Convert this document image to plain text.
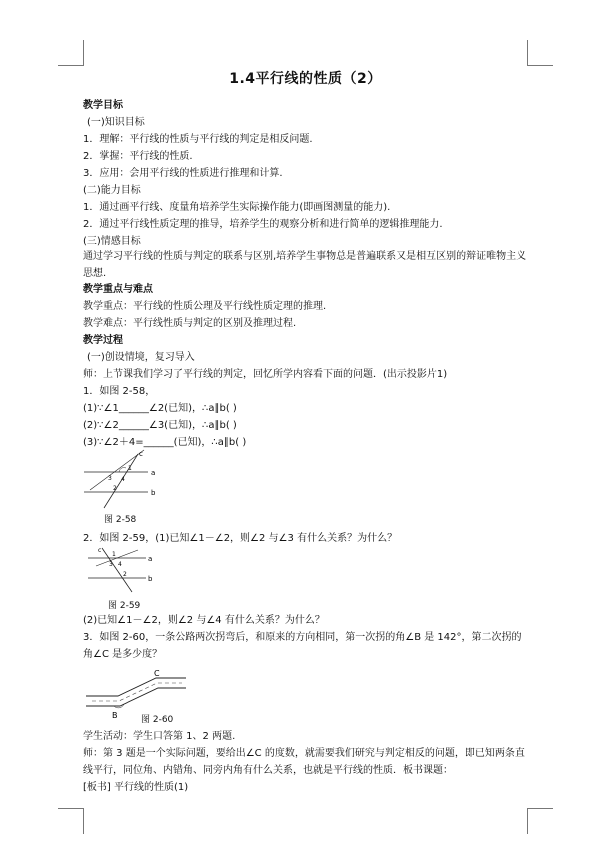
1.4平行线的性质（2）
教学目标
(一)知识目标
1．理解：平行线的性质与平行线的判定是相反问题.
2．掌握：平行线的性质.
3．应用：会用平行线的性质进行推理和计算.
(二)能力目标
1．通过画平行线、度量角培养学生实际操作能力(即画图测量的能力).
2．通过平行线性质定理的推导，培养学生的观察分析和进行简单的逻辑推理能力.
(三)情感目标
通过学习平行线的性质与判定的联系与区别,培养学生事物总是普遍联系又是相互区别的辩证唯物主义思想.
教学重点与难点
教学重点：平行线的性质公理及平行线性质定理的推理.
教学难点：平行线性质与判定的区别及推理过程.
教学过程
(一)创设情境，复习导入
师：上节课我们学习了平行线的判定，回忆所学内容看下面的问题．(出示投影片1)
1．如图 2-58，
(1)∵∠1______∠2(已知)，∴a∥b( )
(2)∵∠2______∠3(已知)，∴a∥b( )
(3)∵∠2＋4=______(已知)，∴a∥b( )
c
a
b
1
3 4
2
图 2-58
2．如图 2-59，(1)已知∠1－∠2，则∠2 与∠3 有什么关系？为什么？
c
a
b
1
3 4
2
图 2-59
(2)已知∠1－∠2，则∠2 与∠4 有什么关系？为什么？
3．如图 2-60，一条公路两次拐弯后，和原来的方向相同，第一次拐的角∠B 是 142°，第二次拐的角∠C 是多少度？
B
C
图 2-60
学生活动：学生口答第 1、2 两题.
师：第 3 题是一个实际问题，要给出∠C 的度数，就需要我们研究与判定相反的问题，即已知两条直线平行，同位角、内错角、同旁内角有什么关系，也就是平行线的性质．板书课题：
[板书] 平行线的性质(1)
